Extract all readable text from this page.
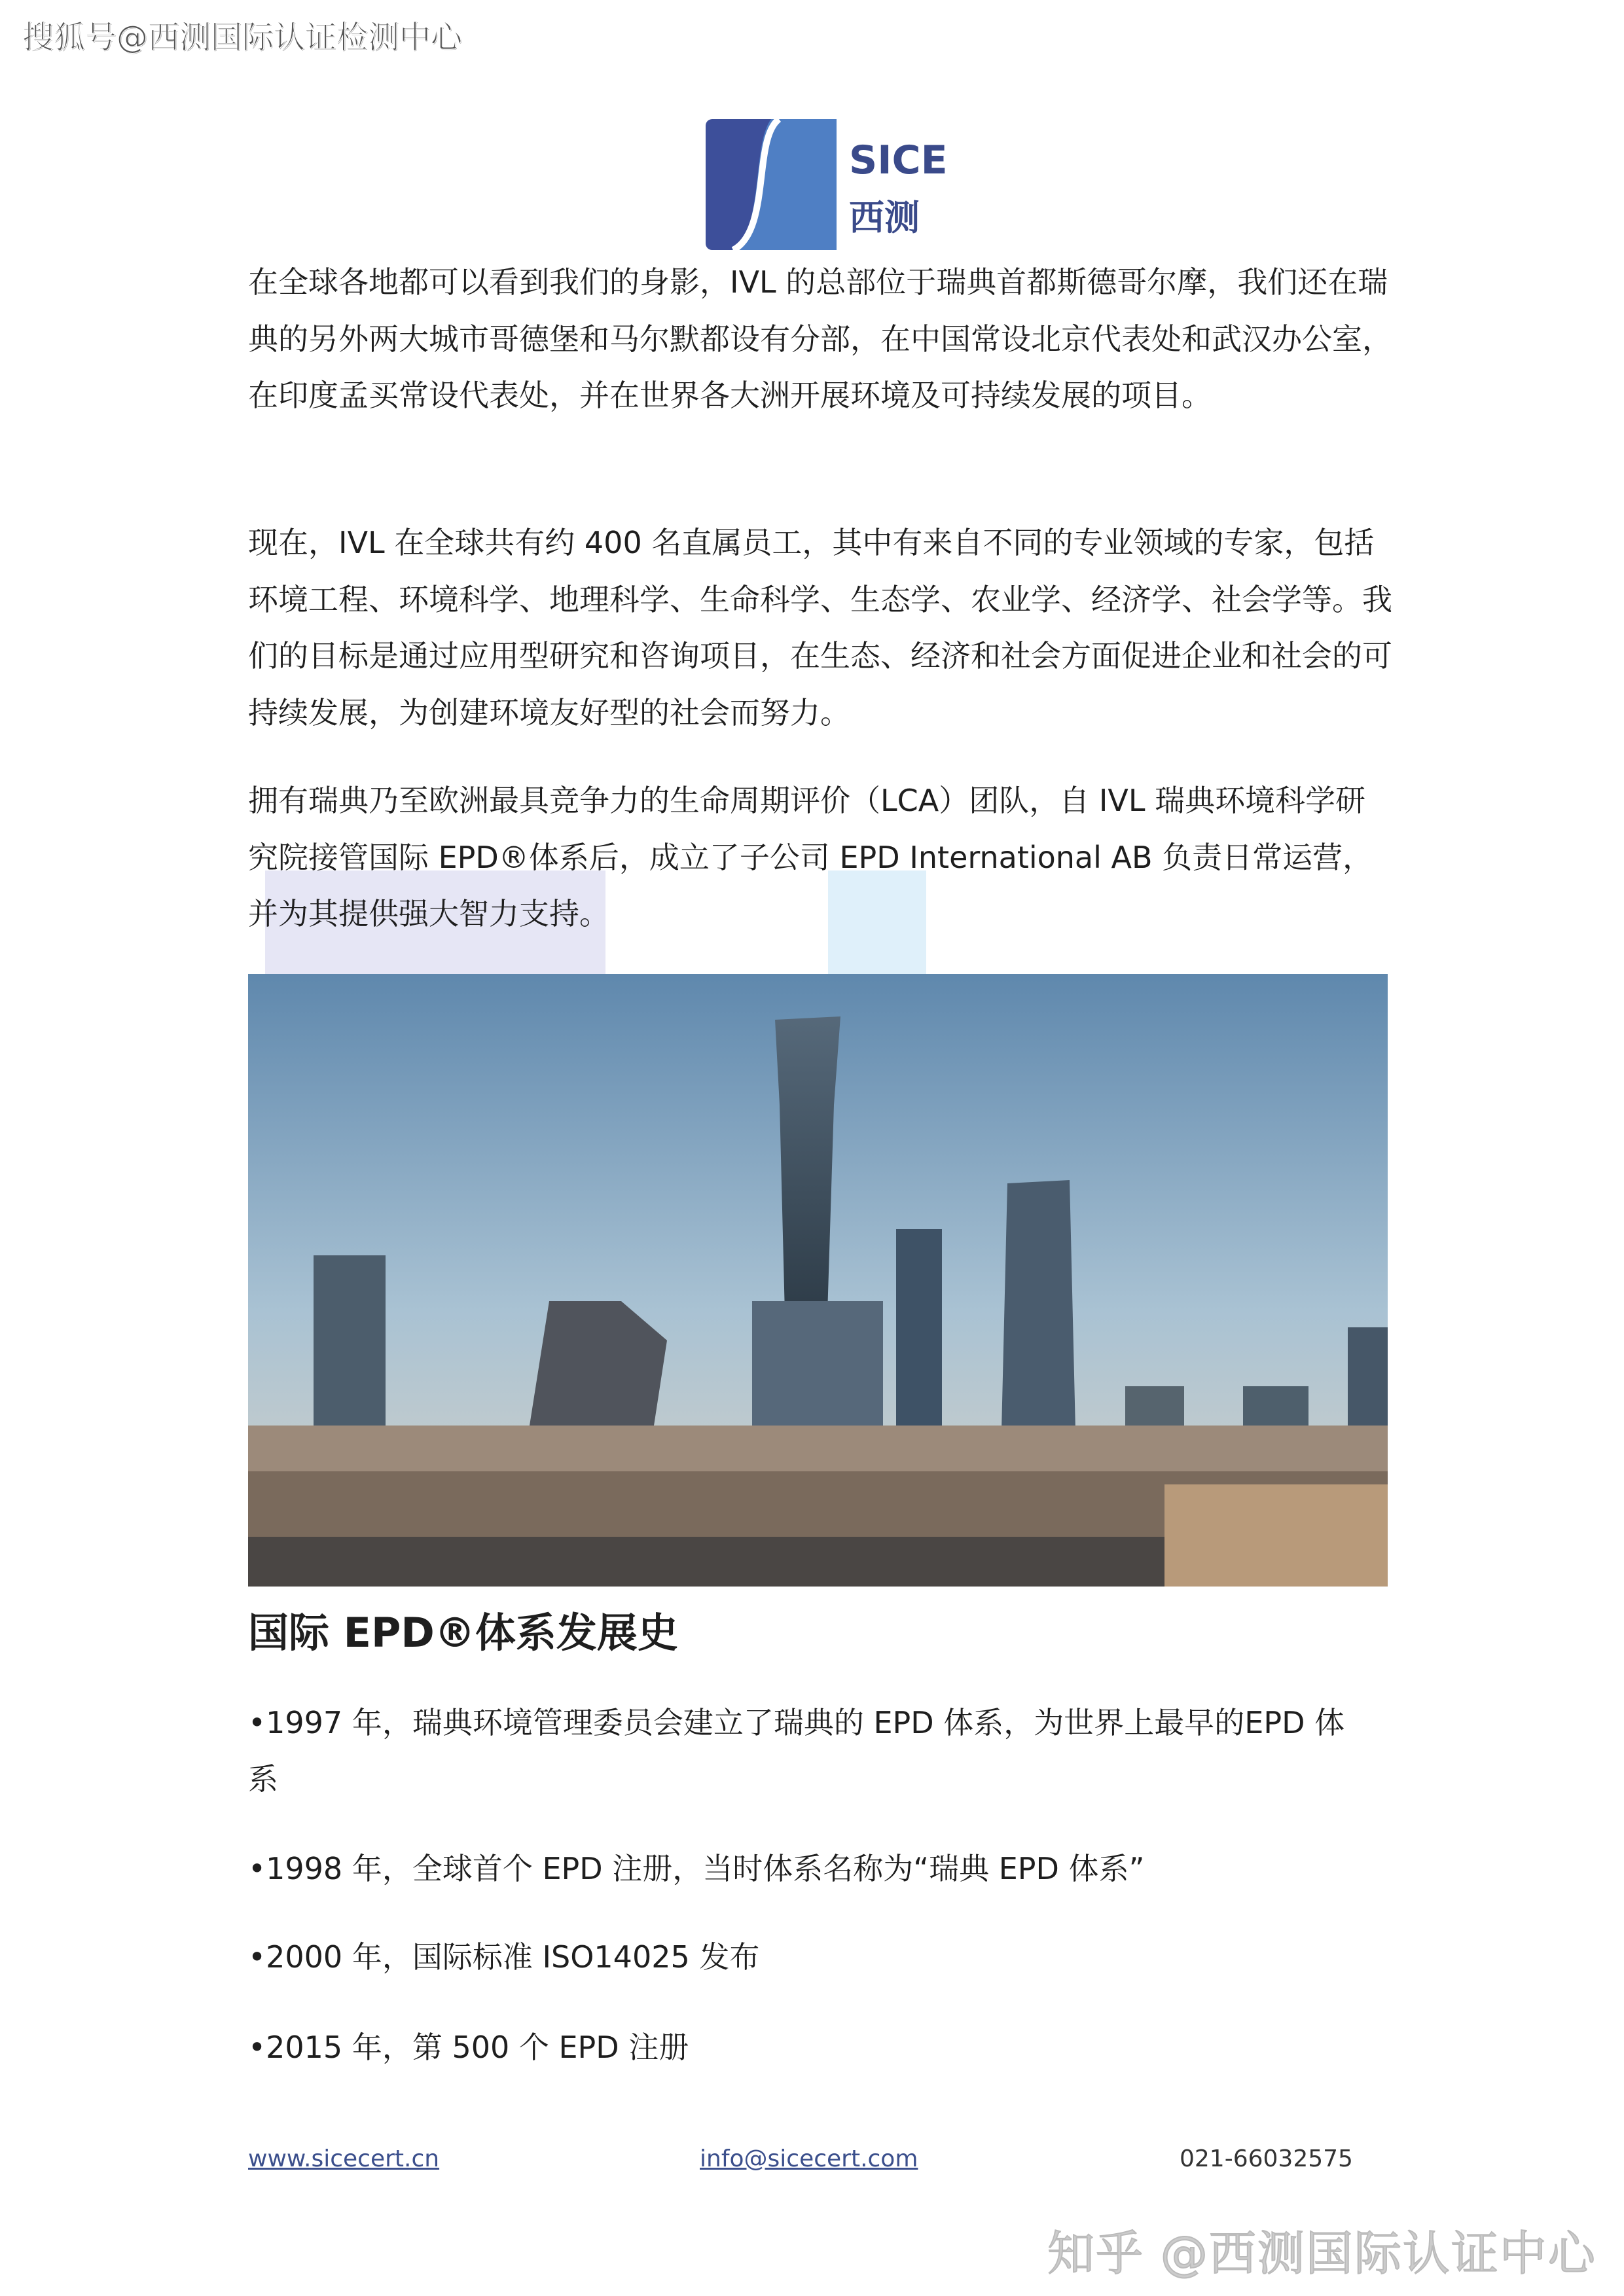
搜狐号@西测国际认证检测中心
SICE
西测
在全球各地都可以看到我们的身影，IVL 的总部位于瑞典首都斯德哥尔摩，我们还在瑞典的另外两大城市哥德堡和马尔默都设有分部，在中国常设北京代表处和武汉办公室，在印度孟买常设代表处，并在世界各大洲开展环境及可持续发展的项目。
现在，IVL 在全球共有约 400 名直属员工，其中有来自不同的专业领域的专家，包括环境工程、环境科学、地理科学、生命科学、生态学、农业学、经济学、社会学等。我们的目标是通过应用型研究和咨询项目，在生态、经济和社会方面促进企业和社会的可持续发展，为创建环境友好型的社会而努力。
拥有瑞典乃至欧洲最具竞争力的生命周期评价（LCA）团队，自 IVL 瑞典环境科学研究院接管国际 EPD®体系后，成立了子公司 EPD International AB 负责日常运营，并为其提供强大智力支持。
国际 EPD®体系发展史
•1997 年，瑞典环境管理委员会建立了瑞典的 EPD 体系，为世界上最早的EPD 体系
•1998 年，全球首个 EPD 注册，当时体系名称为“瑞典 EPD 体系”
•2000 年，国际标准 ISO14025 发布
•2015 年，第 500 个 EPD 注册
www.sicecert.cn	info@sicecert.com	021-66032575
知乎 @西测国际认证中心
